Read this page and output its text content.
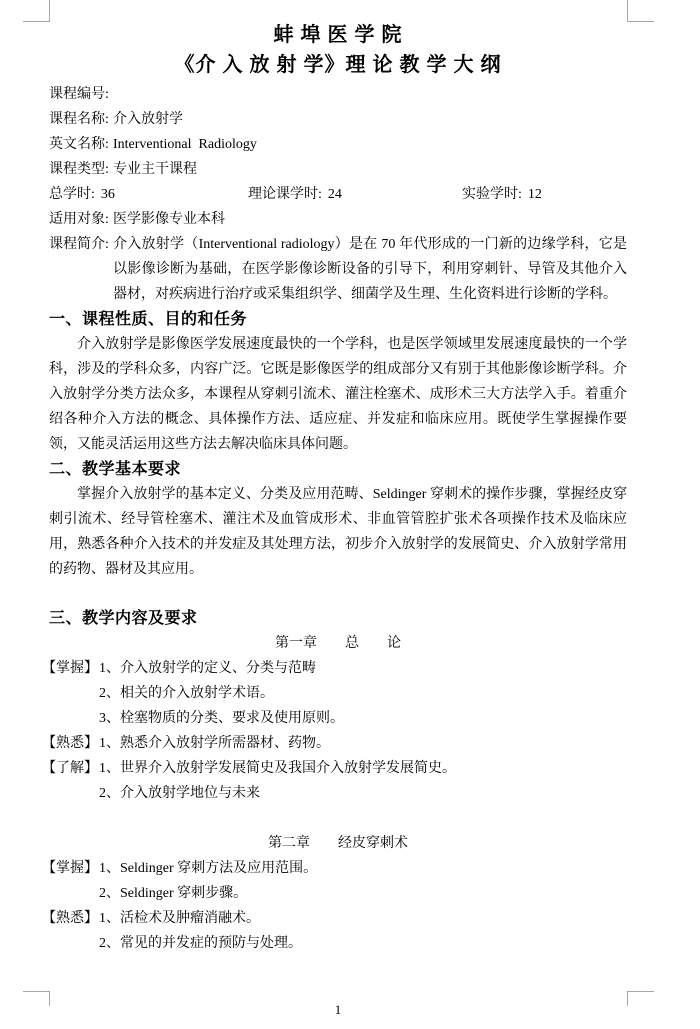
蚌 埠 医 学 院
《介 入 放 射 学》理 论 教 学 大 纲
课程编号:
课程名称: 介入放射学
英文名称: Interventional  Radiology
课程类型: 专业主干课程
总学时: 36	理论课学时: 24	实验学时: 12
适用对象: 医学影像专业本科
课程简介: 介入放射学（Interventional radiology）是在 70 年代形成的一门新的边缘学科，它是以影像诊断为基础，在医学影像诊断设备的引导下，利用穿刺针、导管及其他介入器材，对疾病进行治疗或采集组织学、细菌学及生理、生化资料进行诊断的学科。
一、课程性质、目的和任务
介入放射学是影像医学发展速度最快的一个学科，也是医学领域里发展速度最快的一个学科，涉及的学科众多，内容广泛。它既是影像医学的组成部分又有别于其他影像诊断学科。介入放射学分类方法众多，本课程从穿刺引流术、灌注栓塞术、成形术三大方法学入手。着重介绍各种介入方法的概念、具体操作方法、适应症、并发症和临床应用。既使学生掌握操作要领，又能灵活运用这些方法去解决临床具体问题。
二、教学基本要求
掌握介入放射学的基本定义、分类及应用范畴、Seldinger 穿刺术的操作步骤，掌握经皮穿刺引流术、经导管栓塞术、灌注术及血管成形术、非血管管腔扩张术各项操作技术及临床应用，熟悉各种介入技术的并发症及其处理方法，初步介入放射学的发展简史、介入放射学常用的药物、器材及其应用。
三、教学内容及要求
第一章　　总　　论
【掌握】 1、介入放射学的定义、分类与范畴
2、相关的介入放射学术语。
3、栓塞物质的分类、要求及使用原则。
【熟悉】 1、熟悉介入放射学所需器材、药物。
【了解】 1、世界介入放射学发展简史及我国介入放射学发展简史。
2、介入放射学地位与未来
第二章　　经皮穿刺术
【掌握】 1、Seldinger 穿刺方法及应用范围。
2、Seldinger 穿刺步骤。
【熟悉】 1、活检术及肿瘤消融术。
2、常见的并发症的预防与处理。
1
